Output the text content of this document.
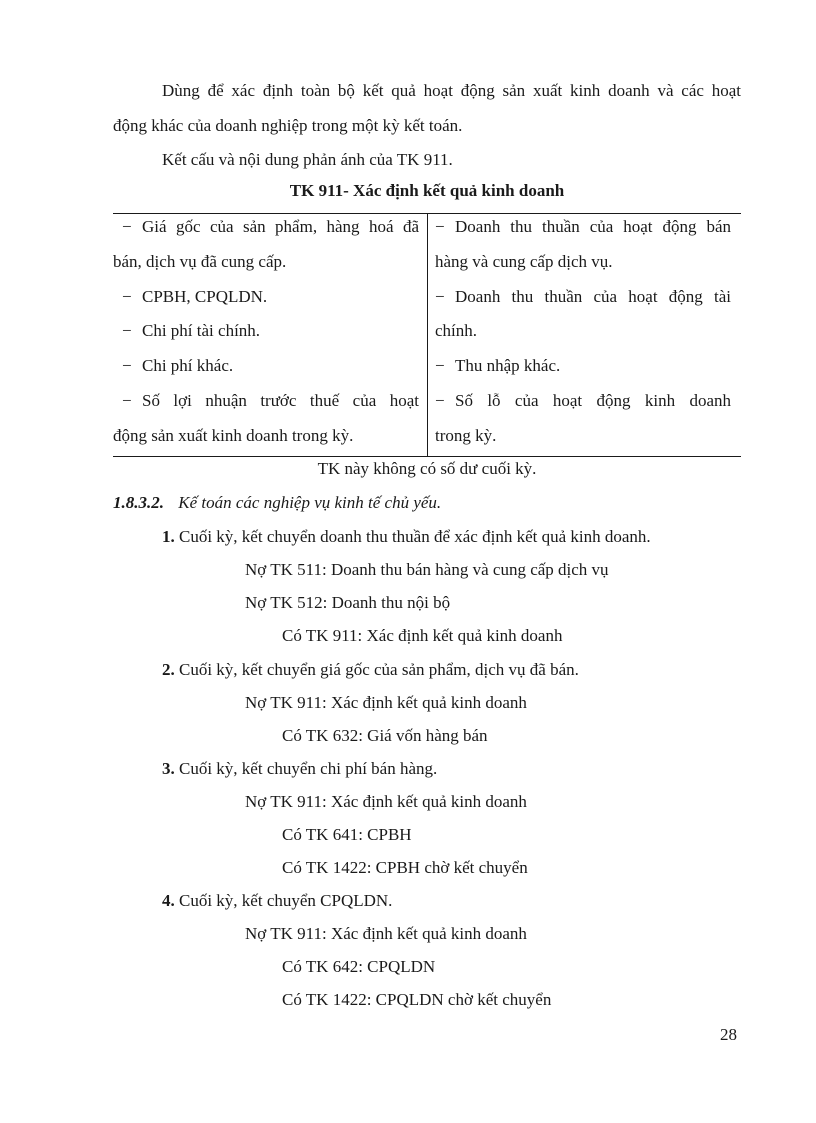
Dùng để xác định toàn bộ kết quả hoạt động sản xuất kinh doanh và các hoạt
động khác của doanh nghiệp trong một kỳ kết toán.
Kết cấu và nội dung phản ánh của TK 911.
TK 911- Xác định kết quả kinh doanh
− Giá gốc của sản phẩm, hàng hoá đã
bán, dịch vụ đã cung cấp.
− CPBH, CPQLDN.
− Chi phí tài chính.
− Chi phí khác.
− Số lợi nhuận trước thuế của hoạt
động sản xuất kinh doanh trong kỳ.
− Doanh thu thuần của hoạt động bán
hàng và cung cấp dịch vụ.
− Doanh thu thuần của hoạt động tài
chính.
− Thu nhập khác.
− Số lỗ của hoạt động kinh doanh
trong kỳ.
TK này không có số dư cuối kỳ.
1.8.3.2. Kế toán các nghiệp vụ kinh tế chủ yếu.
1. Cuối kỳ, kết chuyển doanh thu thuần để xác định kết quả kinh doanh.
Nợ TK 511: Doanh thu bán hàng và cung cấp dịch vụ
Nợ TK 512: Doanh thu nội bộ
Có TK 911: Xác định kết quả kinh doanh
2. Cuối kỳ, kết chuyển giá gốc của sản phẩm, dịch vụ đã bán.
Nợ TK 911: Xác định kết quả kinh doanh
Có TK 632: Giá vốn hàng bán
3. Cuối kỳ, kết chuyển chi phí bán hàng.
Nợ TK 911: Xác định kết quả kinh doanh
Có TK 641: CPBH
Có TK 1422: CPBH chờ kết chuyển
4. Cuối kỳ, kết chuyển CPQLDN.
Nợ TK 911: Xác định kết quả kinh doanh
Có TK 642: CPQLDN
Có TK 1422: CPQLDN chờ kết chuyển
28
